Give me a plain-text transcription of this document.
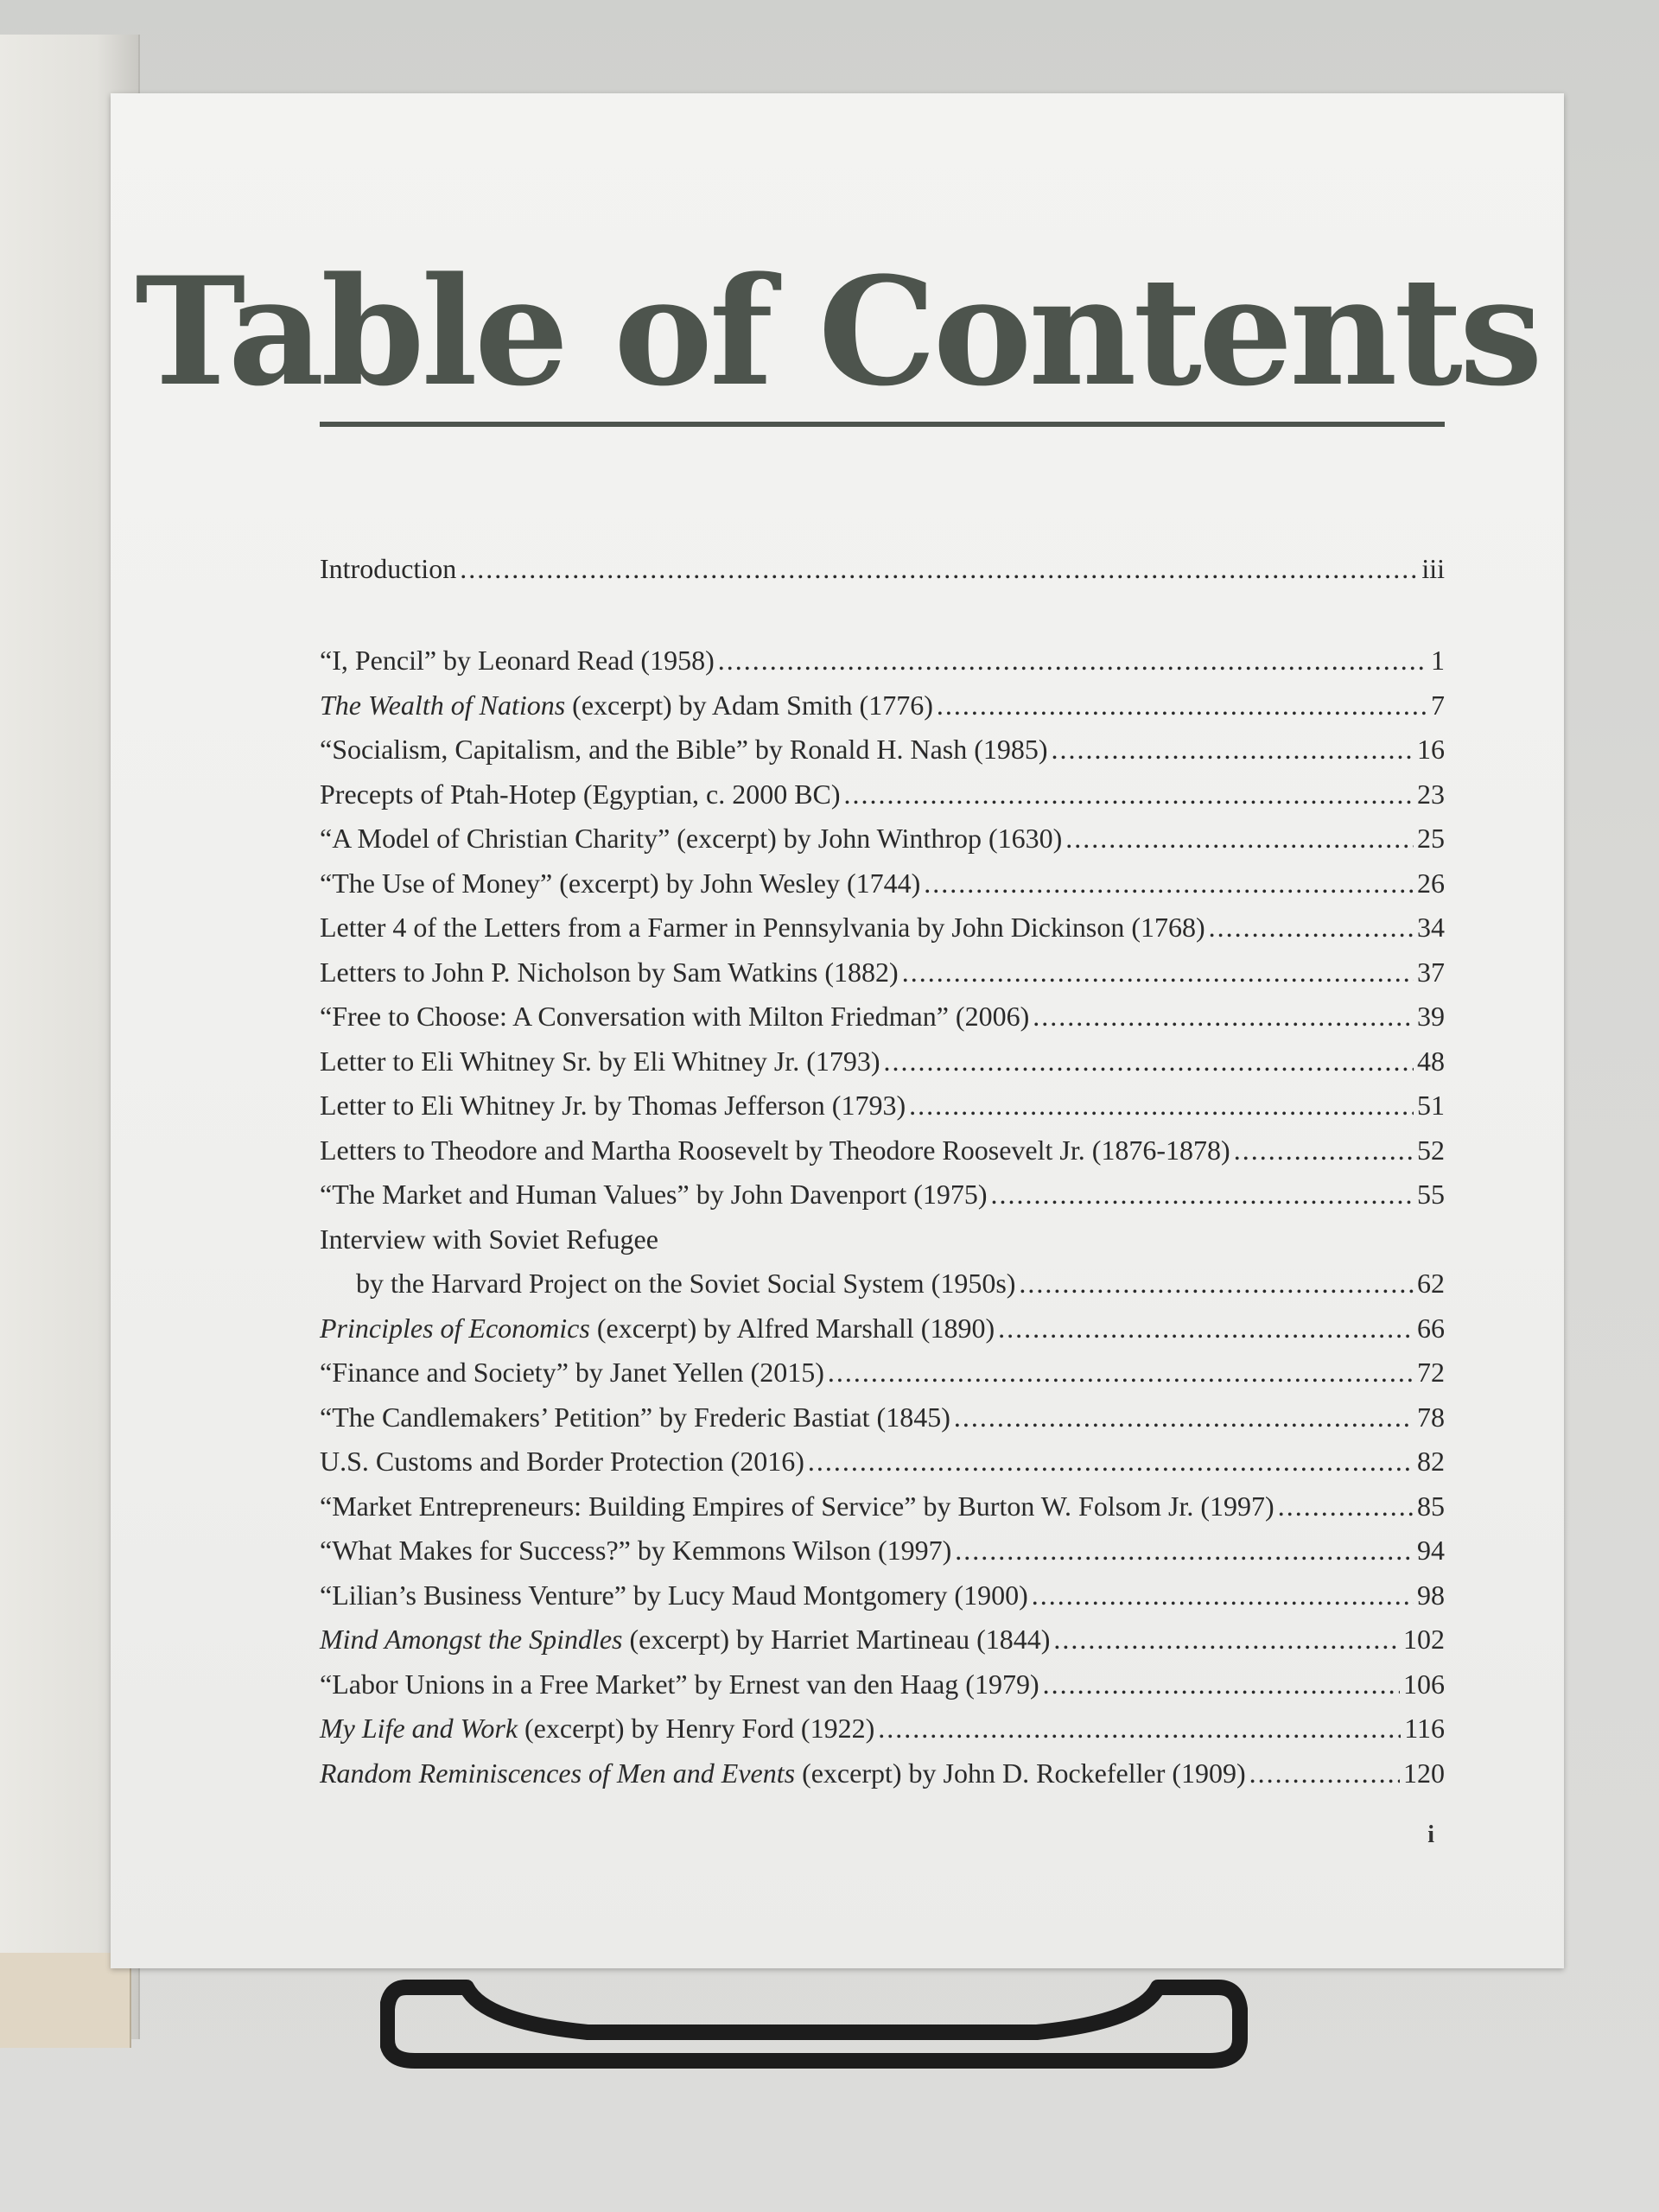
Table of Contents
Introduction .....	iii
“I, Pencil” by Leonard Read (1958) .....	1
The Wealth of Nations (excerpt) by Adam Smith (1776) .....	7
“Socialism, Capitalism, and the Bible” by Ronald H. Nash (1985) .....	16
Precepts of Ptah-Hotep (Egyptian, c. 2000 BC) .....	23
“A Model of Christian Charity” (excerpt) by John Winthrop (1630) .....	25
“The Use of Money” (excerpt) by John Wesley (1744) .....	26
Letter 4 of the Letters from a Farmer in Pennsylvania by John Dickinson (1768) .....	34
Letters to John P. Nicholson by Sam Watkins (1882) .....	37
“Free to Choose: A Conversation with Milton Friedman” (2006) .....	39
Letter to Eli Whitney Sr. by Eli Whitney Jr. (1793) .....	48
Letter to Eli Whitney Jr. by Thomas Jefferson (1793) .....	51
Letters to Theodore and Martha Roosevelt by Theodore Roosevelt Jr. (1876-1878) .....	52
“The Market and Human Values” by John Davenport (1975) .....	55
Interview with Soviet Refugee
by the Harvard Project on the Soviet Social System (1950s) .....	62
Principles of Economics (excerpt) by Alfred Marshall (1890) .....	66
“Finance and Society” by Janet Yellen (2015) .....	72
“The Candlemakers’ Petition” by Frederic Bastiat (1845) .....	78
U.S. Customs and Border Protection (2016) .....	82
“Market Entrepreneurs: Building Empires of Service” by Burton W. Folsom Jr. (1997) .....	85
“What Makes for Success?” by Kemmons Wilson (1997) .....	94
“Lilian’s Business Venture” by Lucy Maud Montgomery (1900) .....	98
Mind Amongst the Spindles (excerpt) by Harriet Martineau (1844) .....	102
“Labor Unions in a Free Market” by Ernest van den Haag (1979) .....	106
My Life and Work (excerpt) by Henry Ford (1922) .....	116
Random Reminiscences of Men and Events (excerpt) by John D. Rockefeller (1909) .....	120
i
